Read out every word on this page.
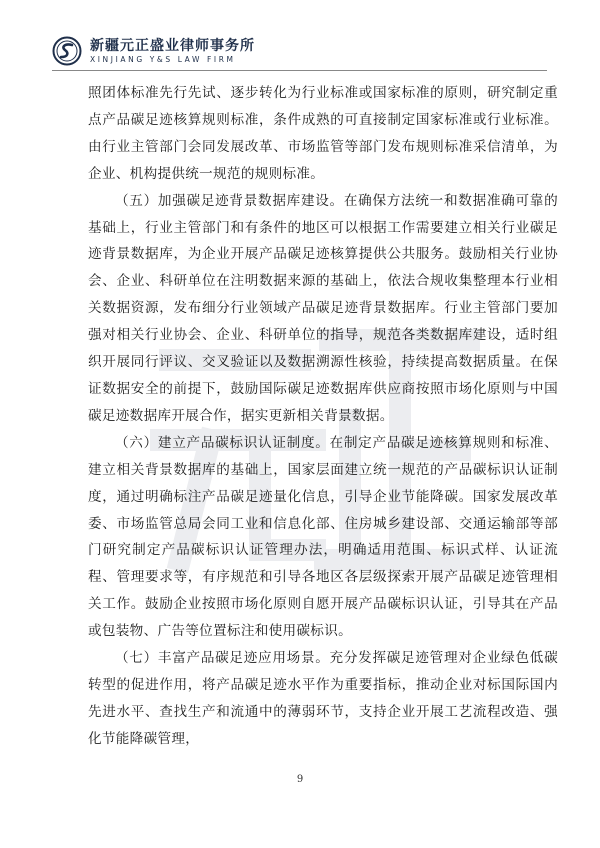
新疆元正盛业律师事务所
XINJIANG Y&S LAW FIRM

照团体标准先行先试、逐步转化为行业标准或国家标准的原则，研究制定重点产品碳足迹核算规则标准，条件成熟的可直接制定国家标准或行业标准。由行业主管部门会同发展改革、市场监管等部门发布规则标准采信清单，为企业、机构提供统一规范的规则标准。

（五）加强碳足迹背景数据库建设。在确保方法统一和数据准确可靠的基础上，行业主管部门和有条件的地区可以根据工作需要建立相关行业碳足迹背景数据库，为企业开展产品碳足迹核算提供公共服务。鼓励相关行业协会、企业、科研单位在注明数据来源的基础上，依法合规收集整理本行业相关数据资源，发布细分行业领域产品碳足迹背景数据库。行业主管部门要加强对相关行业协会、企业、科研单位的指导，规范各类数据库建设，适时组织开展同行评议、交叉验证以及数据溯源性核验，持续提高数据质量。在保证数据安全的前提下，鼓励国际碳足迹数据库供应商按照市场化原则与中国碳足迹数据库开展合作，据实更新相关背景数据。

（六）建立产品碳标识认证制度。在制定产品碳足迹核算规则和标准、建立相关背景数据库的基础上，国家层面建立统一规范的产品碳标识认证制度，通过明确标注产品碳足迹量化信息，引导企业节能降碳。国家发展改革委、市场监管总局会同工业和信息化部、住房城乡建设部、交通运输部等部门研究制定产品碳标识认证管理办法，明确适用范围、标识式样、认证流程、管理要求等，有序规范和引导各地区各层级探索开展产品碳足迹管理相关工作。鼓励企业按照市场化原则自愿开展产品碳标识认证，引导其在产品或包装物、广告等位置标注和使用碳标识。

（七）丰富产品碳足迹应用场景。充分发挥碳足迹管理对企业绿色低碳转型的促进作用，将产品碳足迹水平作为重要指标，推动企业对标国际国内先进水平、查找生产和流通中的薄弱环节，支持企业开展工艺流程改造、强化节能降碳管理，

9
